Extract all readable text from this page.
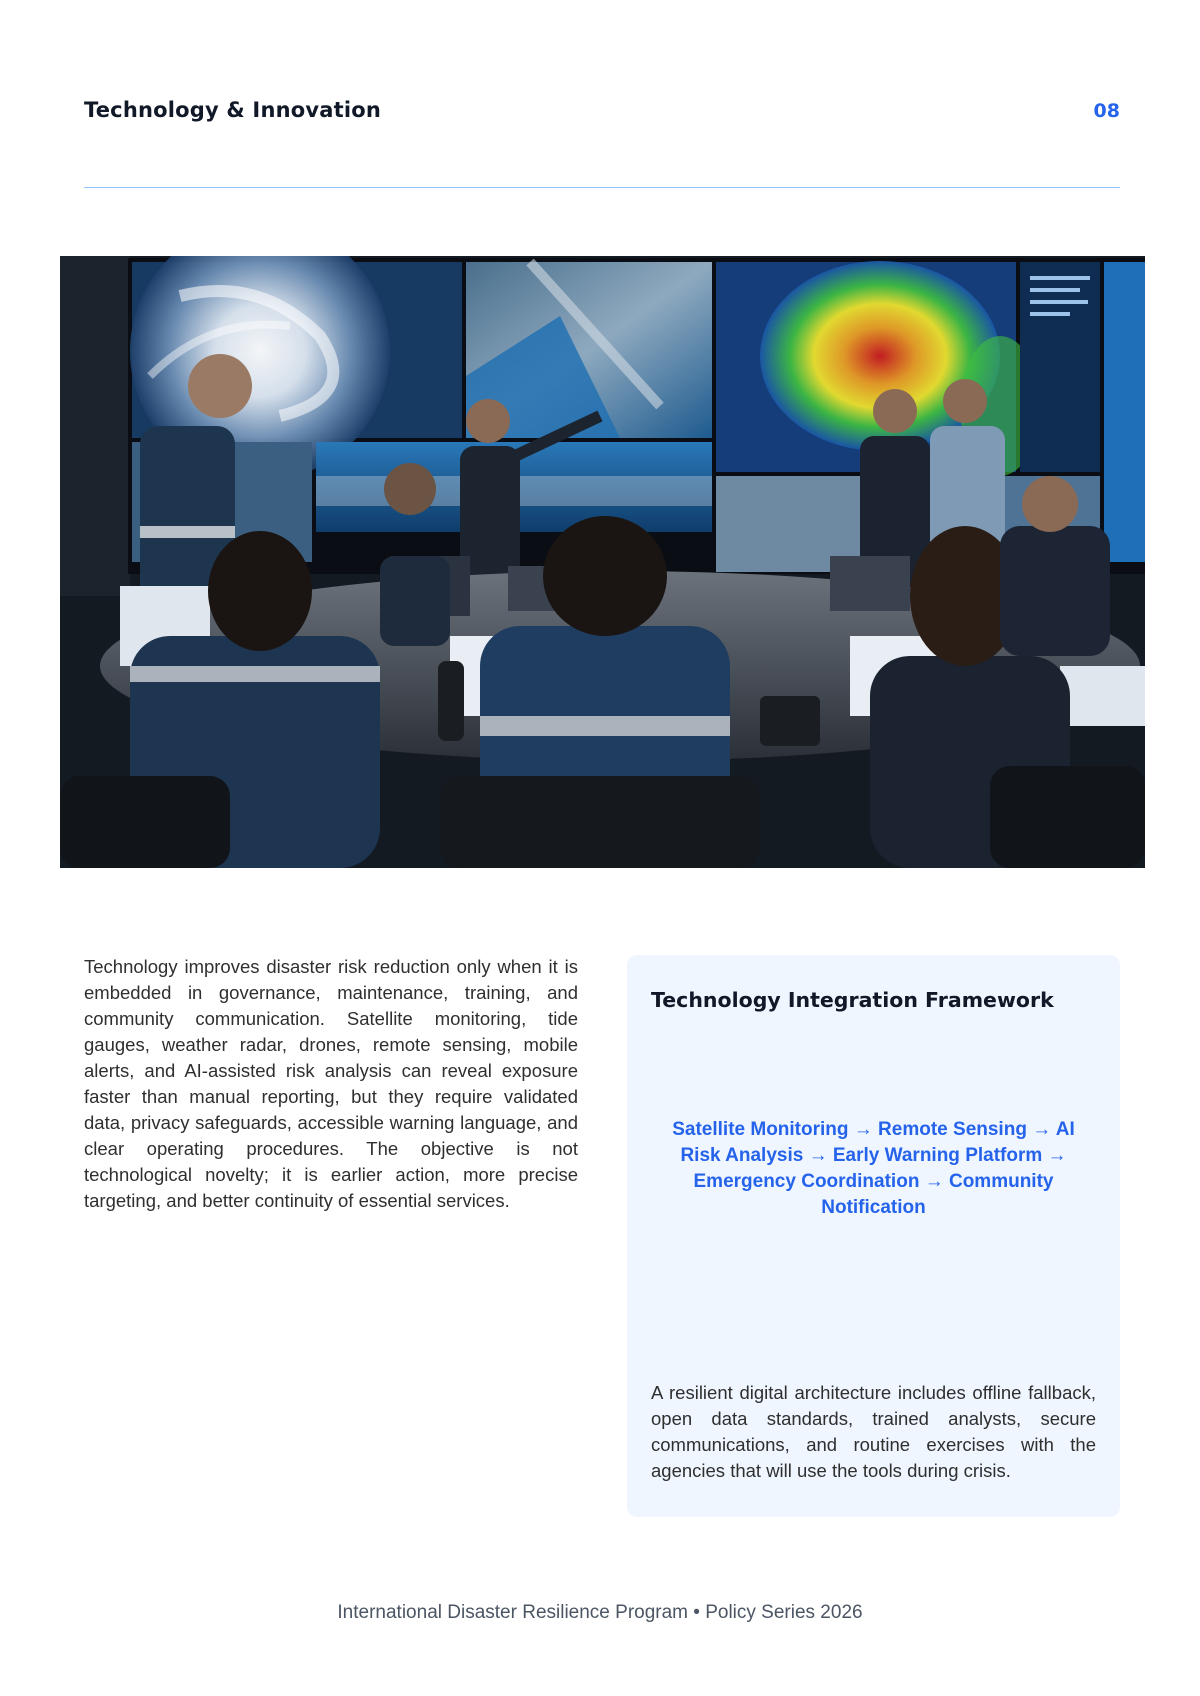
Technology & Innovation	08

Technology improves disaster risk reduction only when it is embedded in governance, maintenance, training, and community communication. Satellite monitoring, tide gauges, weather radar, drones, remote sensing, mobile alerts, and AI-assisted risk analysis can reveal exposure faster than manual reporting, but they require validated data, privacy safeguards, accessible warning language, and clear operating procedures. The objective is not technological novelty; it is earlier action, more precise targeting, and better continuity of essential services.

Technology Integration Framework

Satellite Monitoring → Remote Sensing → AI Risk Analysis → Early Warning Platform → Emergency Coordination → Community Notification

A resilient digital architecture includes offline fallback, open data standards, trained analysts, secure communications, and routine exercises with the agencies that will use the tools during crisis.

International Disaster Resilience Program • Policy Series 2026
